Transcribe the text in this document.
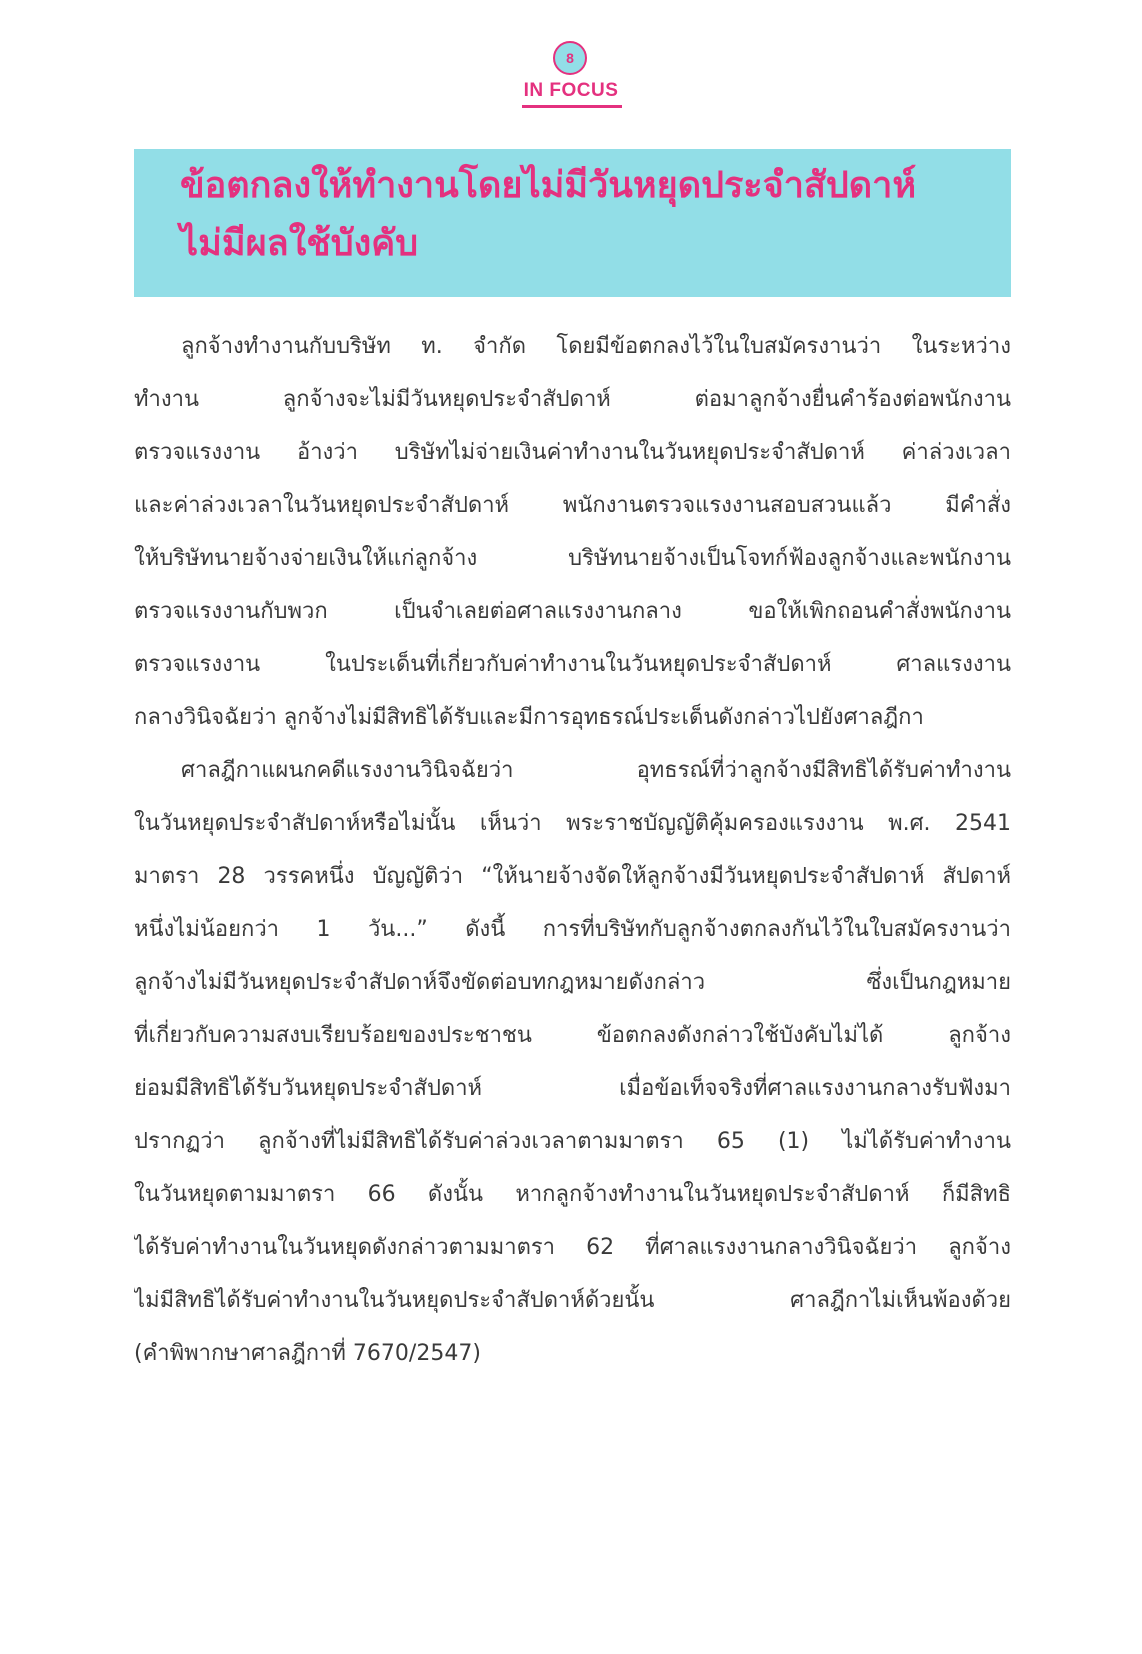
8
IN FOCUS
ข้อตกลงให้ทำงานโดยไม่มีวันหยุดประจำสัปดาห์
ไม่มีผลใช้บังคับ
ลูกจ้างทำงานกับบริษัท ท. จำกัด โดยมีข้อตกลงไว้ในใบสมัครงานว่า ในระหว่าง
ทำงาน ลูกจ้างจะไม่มีวันหยุดประจำสัปดาห์ ต่อมาลูกจ้างยื่นคำร้องต่อพนักงาน
ตรวจแรงงาน อ้างว่า บริษัทไม่จ่ายเงินค่าทำงานในวันหยุดประจำสัปดาห์ ค่าล่วงเวลา
และค่าล่วงเวลาในวันหยุดประจำสัปดาห์ พนักงานตรวจแรงงานสอบสวนแล้ว มีคำสั่ง
ให้บริษัทนายจ้างจ่ายเงินให้แก่ลูกจ้าง บริษัทนายจ้างเป็นโจทก์ฟ้องลูกจ้างและพนักงาน
ตรวจแรงงานกับพวก เป็นจำเลยต่อศาลแรงงานกลาง ขอให้เพิกถอนคำสั่งพนักงาน
ตรวจแรงงาน ในประเด็นที่เกี่ยวกับค่าทำงานในวันหยุดประจำสัปดาห์ ศาลแรงงาน
กลางวินิจฉัยว่า ลูกจ้างไม่มีสิทธิได้รับและมีการอุทธรณ์ประเด็นดังกล่าวไปยังศาลฎีกา
ศาลฎีกาแผนกคดีแรงงานวินิจฉัยว่า อุทธรณ์ที่ว่าลูกจ้างมีสิทธิได้รับค่าทำงาน
ในวันหยุดประจำสัปดาห์หรือไม่นั้น เห็นว่า พระราชบัญญัติคุ้มครองแรงงาน พ.ศ. 2541
มาตรา 28 วรรคหนึ่ง บัญญัติว่า “ให้นายจ้างจัดให้ลูกจ้างมีวันหยุดประจำสัปดาห์ สัปดาห์
หนึ่งไม่น้อยกว่า 1 วัน...” ดังนี้ การที่บริษัทกับลูกจ้างตกลงกันไว้ในใบสมัครงานว่า
ลูกจ้างไม่มีวันหยุดประจำสัปดาห์จึงขัดต่อบทกฎหมายดังกล่าว ซึ่งเป็นกฎหมาย
ที่เกี่ยวกับความสงบเรียบร้อยของประชาชน ข้อตกลงดังกล่าวใช้บังคับไม่ได้ ลูกจ้าง
ย่อมมีสิทธิได้รับวันหยุดประจำสัปดาห์ เมื่อข้อเท็จจริงที่ศาลแรงงานกลางรับฟังมา
ปรากฏว่า ลูกจ้างที่ไม่มีสิทธิได้รับค่าล่วงเวลาตามมาตรา 65 (1) ไม่ได้รับค่าทำงาน
ในวันหยุดตามมาตรา 66 ดังนั้น หากลูกจ้างทำงานในวันหยุดประจำสัปดาห์ ก็มีสิทธิ
ได้รับค่าทำงานในวันหยุดดังกล่าวตามมาตรา 62 ที่ศาลแรงงานกลางวินิจฉัยว่า ลูกจ้าง
ไม่มีสิทธิได้รับค่าทำงานในวันหยุดประจำสัปดาห์ด้วยนั้น ศาลฎีกาไม่เห็นพ้องด้วย
(คำพิพากษาศาลฎีกาที่ 7670/2547)
